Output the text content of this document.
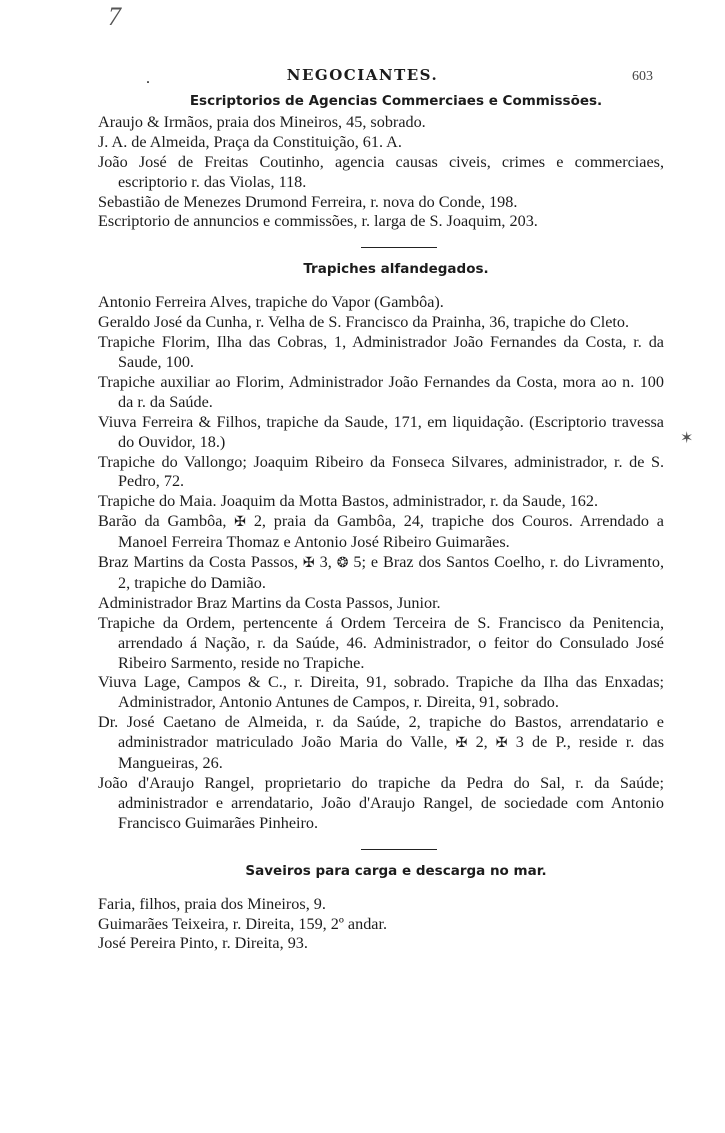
7
.	NEGOCIANTES.	603
✶
Escriptorios de Agencias Commerciaes e Commissões.
Araujo & Irmãos, praia dos Mineiros, 45, sobrado.
J. A. de Almeida, Praça da Constituição, 61. A.
João José de Freitas Coutinho, agencia causas civeis, crimes e commerciaes, escriptorio r. das Violas, 118.
Sebastião de Menezes Drumond Ferreira, r. nova do Conde, 198.
Escriptorio de annuncios e commissões, r. larga de S. Joaquim, 203.
Trapiches alfandegados.
Antonio Ferreira Alves, trapiche do Vapor (Gambôa).
Geraldo José da Cunha, r. Velha de S. Francisco da Prainha, 36, trapiche do Cleto.
Trapiche Florim, Ilha das Cobras, 1, Administrador João Fernandes da Costa, r. da Saude, 100.
Trapiche auxiliar ao Florim, Administrador João Fernandes da Costa, mora ao n. 100 da r. da Saúde.
Viuva Ferreira & Filhos, trapiche da Saude, 171, em liquidação. (Escriptorio travessa do Ouvidor, 18.)
Trapiche do Vallongo; Joaquim Ribeiro da Fonseca Silvares, administrador, r. de S. Pedro, 72.
Trapiche do Maia. Joaquim da Motta Bastos, administrador, r. da Saude, 162.
Barão da Gambôa, ✠ 2, praia da Gambôa, 24, trapiche dos Couros. Arrendado a Manoel Ferreira Thomaz e Antonio José Ribeiro Guimarães.
Braz Martins da Costa Passos, ✠ 3, ❂ 5; e Braz dos Santos Coelho, r. do Livramento, 2, trapiche do Damião.
Administrador Braz Martins da Costa Passos, Junior.
Trapiche da Ordem, pertencente á Ordem Terceira de S. Francisco da Penitencia, arrendado á Nação, r. da Saúde, 46. Administrador, o feitor do Consulado José Ribeiro Sarmento, reside no Trapiche.
Viuva Lage, Campos & C., r. Direita, 91, sobrado. Trapiche da Ilha das Enxadas; Administrador, Antonio Antunes de Campos, r. Direita, 91, sobrado.
Dr. José Caetano de Almeida, r. da Saúde, 2, trapiche do Bastos, arrendatario e administrador matriculado João Maria do Valle, ✠ 2, ✠ 3 de P., reside r. das Mangueiras, 26.
João d'Araujo Rangel, proprietario do trapiche da Pedra do Sal, r. da Saúde; administrador e arrendatario, João d'Araujo Rangel, de sociedade com Antonio Francisco Guimarães Pinheiro.
Saveiros para carga e descarga no mar.
Faria, filhos, praia dos Mineiros, 9.
Guimarães Teixeira, r. Direita, 159, 2º andar.
José Pereira Pinto, r. Direita, 93.
